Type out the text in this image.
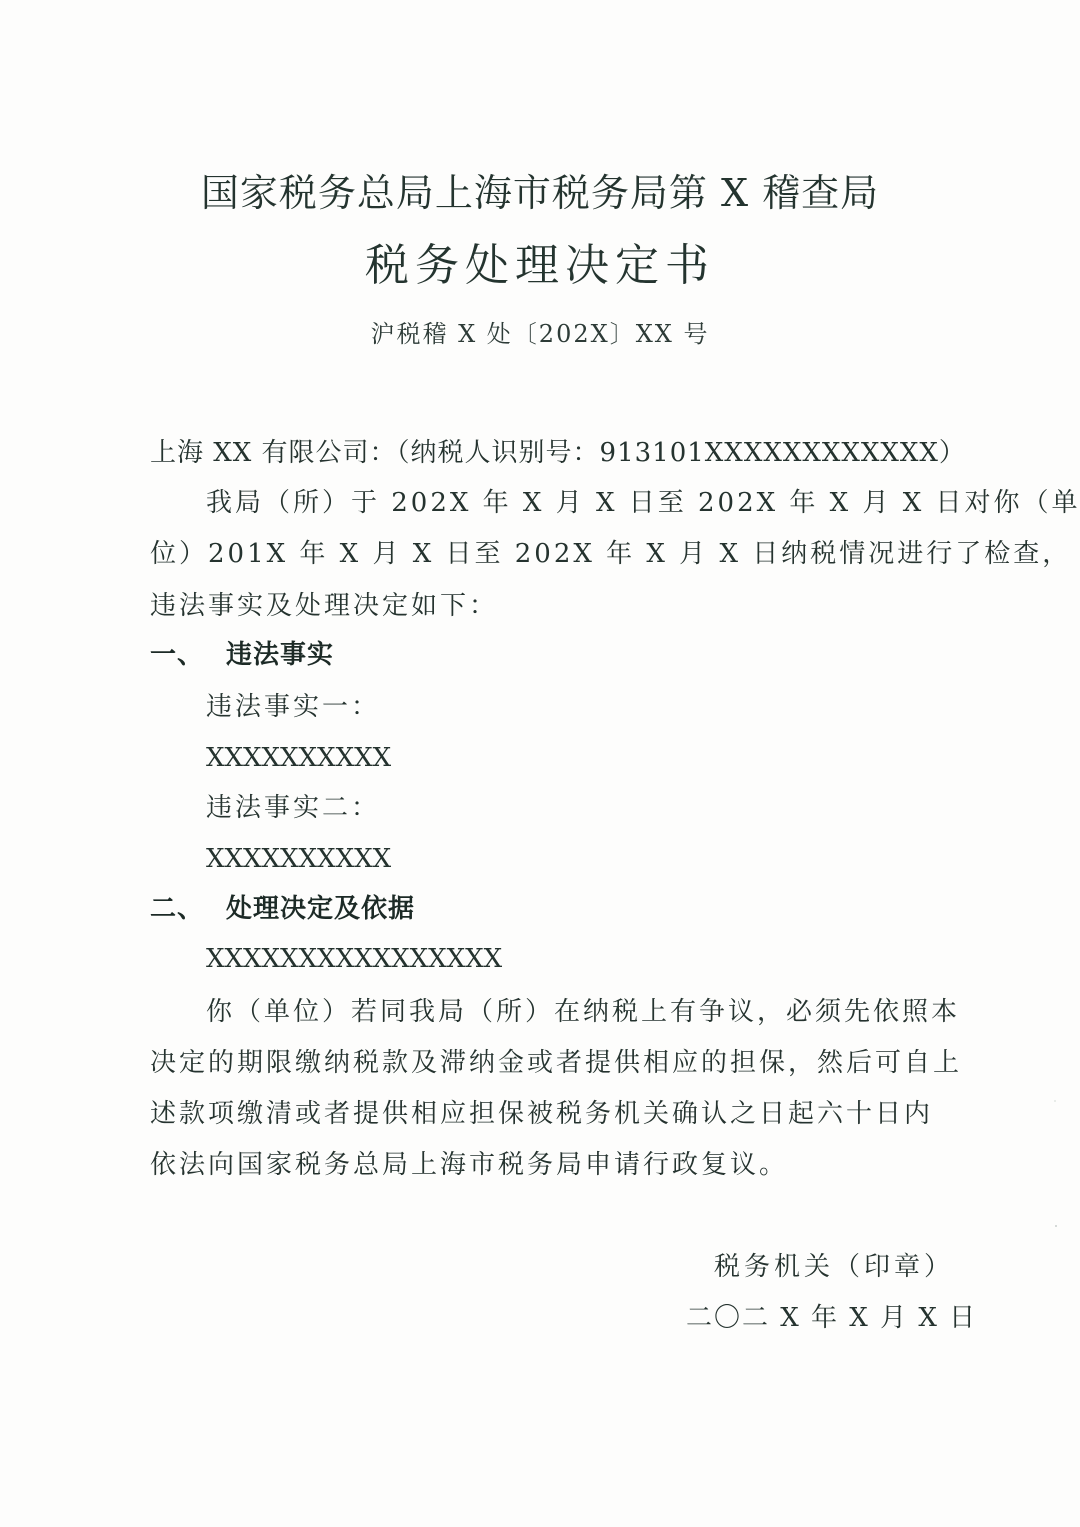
国家税务总局上海市税务局第 X 稽查局

税务处理决定书

沪税稽 X 处〔202X〕XX 号

上海 XX 有限公司：（纳税人识别号：913101XXXXXXXXXXXX）

我局（所）于 202X 年 X 月 X 日至 202X 年 X 月 X 日对你（单

位）201X 年 X 月 X 日至 202X 年 X 月 X 日纳税情况进行了检查，

违法事实及处理决定如下：

一、 违法事实

违法事实一：

XXXXXXXXXX

违法事实二：

XXXXXXXXXX

二、 处理决定及依据

XXXXXXXXXXXXXXXX

你（单位）若同我局（所）在纳税上有争议，必须先依照本

决定的期限缴纳税款及滞纳金或者提供相应的担保，然后可自上

述款项缴清或者提供相应担保被税务机关确认之日起六十日内

依法向国家税务总局上海市税务局申请行政复议。

税务机关（印章）

二〇二 X 年 X 月 X 日
